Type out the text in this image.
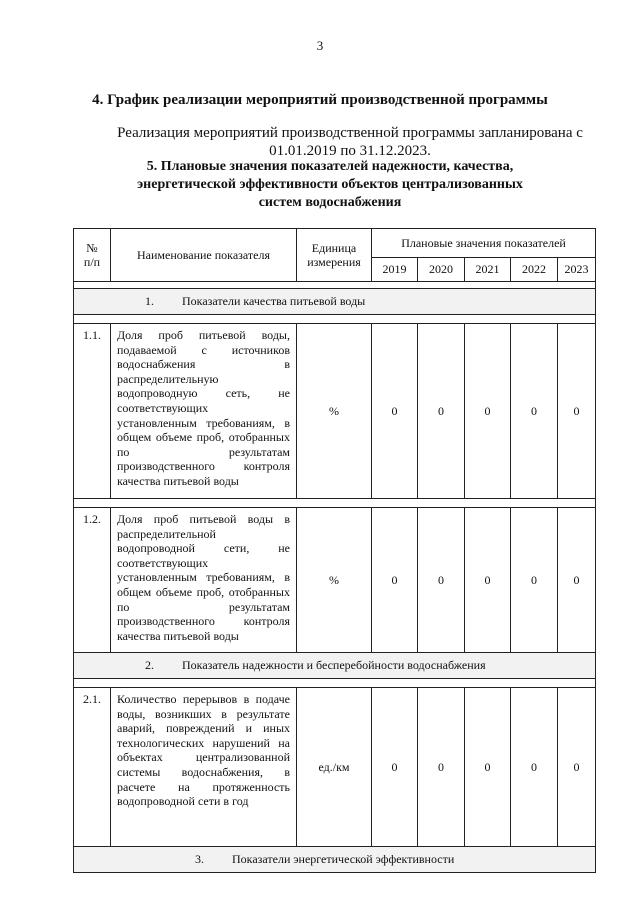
3
4. График реализации мероприятий производственной программы
Реализация мероприятий производственной программы запланирована с 01.01.2019 по 31.12.2023.
5. Плановые значения показателей надежности, качества,
энергетической эффективности объектов централизованных
систем водоснабжения
№
п/п	Наименование показателя	Единица измерения	Плановые значения показателей				
			2019	2020	2021	2022	2023

1. Показатели качества питьевой воды							

1.1.	Доля проб питьевой воды, подаваемой с источников водоснабжения в распределительную водопроводную сеть, не соответствующих установленным требованиям, в общем объеме проб, отобранных по результатам производственного контроля качества питьевой воды	%	0	0	0	0	0

1.2.	Доля проб питьевой воды в распределительной водопроводной сети, не соответствующих установленным требованиям, в общем объеме проб, отобранных по результатам производственного контроля качества питьевой воды	%	0	0	0	0	0

2. Показатель надежности и бесперебойности водоснабжения							

2.1.	Количество перерывов в подаче воды, возникших в результате аварий, повреждений и иных технологических нарушений на объектах централизованной системы водоснабжения, в расчете на протяженность водопроводной сети в год	ед./км	0	0	0	0	0

3. Показатели энергетической эффективности							
